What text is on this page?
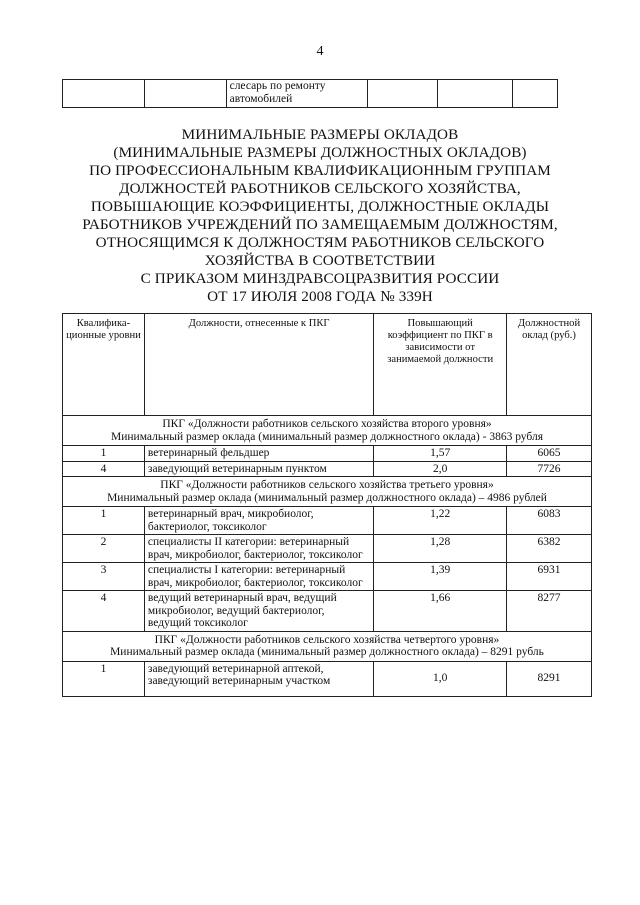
4
		слесарь по ремонту автомобилей			
МИНИМАЛЬНЫЕ РАЗМЕРЫ ОКЛАДОВ
(МИНИМАЛЬНЫЕ РАЗМЕРЫ ДОЛЖНОСТНЫХ ОКЛАДОВ)
ПО ПРОФЕССИОНАЛЬНЫМ КВАЛИФИКАЦИОННЫМ ГРУППАМ
ДОЛЖНОСТЕЙ РАБОТНИКОВ СЕЛЬСКОГО ХОЗЯЙСТВА,
ПОВЫШАЮЩИЕ КОЭФФИЦИЕНТЫ, ДОЛЖНОСТНЫЕ ОКЛАДЫ
РАБОТНИКОВ УЧРЕЖДЕНИЙ ПО ЗАМЕЩАЕМЫМ ДОЛЖНОСТЯМ,
ОТНОСЯЩИМСЯ К ДОЛЖНОСТЯМ РАБОТНИКОВ СЕЛЬСКОГО
ХОЗЯЙСТВА В СООТВЕТСТВИИ
С ПРИКАЗОМ МИНЗДРАВСОЦРАЗВИТИЯ РОССИИ
ОТ 17 ИЮЛЯ 2008 ГОДА № 339Н
Квалифика-ционные уровни	Должности, отнесенные к ПКГ	Повышающий коэффициент по ПКГ в зависимости от занимаемой должности	Должностной оклад (руб.)

ПКГ «Должности работников сельского хозяйства второго уровня»
Минимальный размер оклада (минимальный размер должностного оклада) - 3863 рубля			

1	ветеринарный фельдшер	1,57	6065
4	заведующий ветеринарным пунктом	2,0	7726

ПКГ «Должности работников сельского хозяйства третьего уровня»
Минимальный размер оклада (минимальный размер должностного оклада) – 4986 рублей			

1	ветеринарный врач, микробиолог, бактериолог, токсиколог	1,22	6083
2	специалисты II категории: ветеринарный врач, микробиолог, бактериолог, токсиколог	1,28	6382
3	специалисты I категории: ветеринарный врач, микробиолог, бактериолог, токсиколог	1,39	6931
4	ведущий ветеринарный врач, ведущий микробиолог, ведущий бактериолог, ведущий токсиколог	1,66	8277

ПКГ «Должности работников сельского хозяйства четвертого уровня»
Минимальный размер оклада (минимальный размер должностного оклада) – 8291 рубль			

1	заведующий ветеринарной аптекой, заведующий ветеринарным участком	1,0	8291
